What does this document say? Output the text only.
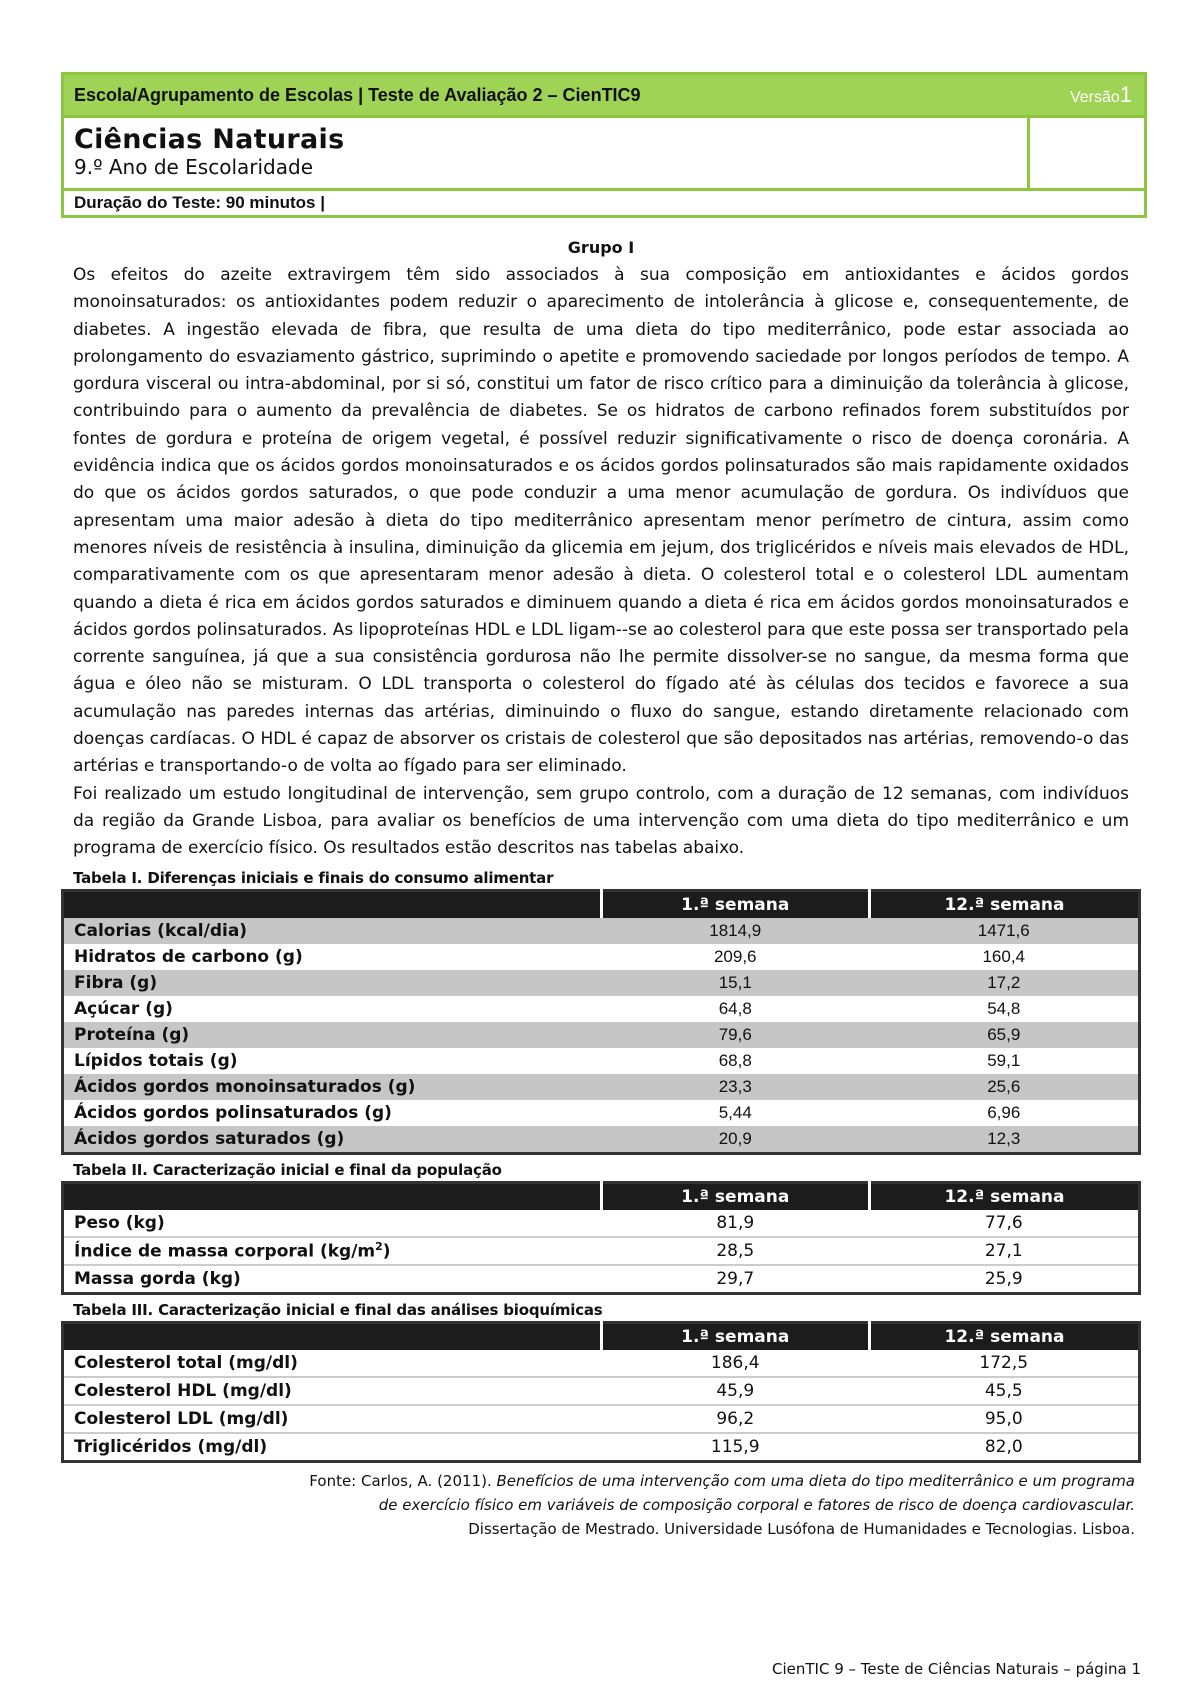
Escola/Agrupamento de Escolas | Teste de Avaliação 2 – CienTIC9	Versão1
Ciências Naturais
9.º Ano de Escolaridade
Duração do Teste: 90 minutos |
Grupo I

Os efeitos do azeite extravirgem têm sido associados à sua composição em antioxidantes e ácidos gordos monoinsaturados: os antioxidantes podem reduzir o aparecimento de intolerância à glicose e, consequentemente, de diabetes. A ingestão elevada de fibra, que resulta de uma dieta do tipo mediterrânico, pode estar associada ao prolongamento do esvaziamento gástrico, suprimindo o apetite e promovendo saciedade por longos períodos de tempo. A gordura visceral ou intra-abdominal, por si só, constitui um fator de risco crítico para a diminuição da tolerância à glicose, contribuindo para o aumento da prevalência de diabetes. Se os hidratos de carbono refinados forem substituídos por fontes de gordura e proteína de origem vegetal, é possível reduzir significativamente o risco de doença coronária. A evidência indica que os ácidos gordos monoinsaturados e os ácidos gordos polinsaturados são mais rapidamente oxidados do que os ácidos gordos saturados, o que pode conduzir a uma menor acumulação de gordura. Os indivíduos que apresentam uma maior adesão à dieta do tipo mediterrânico apresentam menor perímetro de cintura, assim como menores níveis de resistência à insulina, diminuição da glicemia em jejum, dos triglicéridos e níveis mais elevados de HDL, comparativamente com os que apresentaram menor adesão à dieta. O colesterol total e o colesterol LDL aumentam quando a dieta é rica em ácidos gordos saturados e diminuem quando a dieta é rica em ácidos gordos monoinsaturados e ácidos gordos polinsaturados. As lipoproteínas HDL e LDL ligam--se ao colesterol para que este possa ser transportado pela corrente sanguínea, já que a sua consistência gordurosa não lhe permite dissolver-se no sangue, da mesma forma que água e óleo não se misturam. O LDL transporta o colesterol do fígado até às células dos tecidos e favorece a sua acumulação nas paredes internas das artérias, diminuindo o fluxo do sangue, estando diretamente relacionado com doenças cardíacas. O HDL é capaz de absorver os cristais de colesterol que são depositados nas artérias, removendo-o das artérias e transportando-o de volta ao fígado para ser eliminado.

Foi realizado um estudo longitudinal de intervenção, sem grupo controlo, com a duração de 12 semanas, com indivíduos da região da Grande Lisboa, para avaliar os benefícios de uma intervenção com uma dieta do tipo mediterrânico e um programa de exercício físico. Os resultados estão descritos nas tabelas abaixo.

Tabela I. Diferenças iniciais e finais do consumo alimentar
	1.ª semana	12.ª semana
Calorias (kcal/dia)	1814,9	1471,6
Hidratos de carbono (g)	209,6	160,4
Fibra (g)	15,1	17,2
Açúcar (g)	64,8	54,8
Proteína (g)	79,6	65,9
Lípidos totais (g)	68,8	59,1
Ácidos gordos monoinsaturados (g)	23,3	25,6
Ácidos gordos polinsaturados (g)	5,44	6,96
Ácidos gordos saturados (g)	20,9	12,3
Tabela II. Caracterização inicial e final da população
	1.ª semana	12.ª semana
Peso (kg)	81,9	77,6
Índice de massa corporal $(kg/m^2)$	28,5	27,1
Massa gorda (kg)	29,7	25,9
Tabela III. Caracterização inicial e final das análises bioquímicas
	1.ª semana	12.ª semana
Colesterol total (mg/dl)	186,4	172,5
Colesterol HDL (mg/dl)	45,9	45,5
Colesterol LDL (mg/dl)	96,2	95,0
Triglicéridos (mg/dl)	115,9	82,0
Fonte: Carlos, A. (2011). Benefícios de uma intervenção com uma dieta do tipo mediterrânico e um programa
de exercício físico em variáveis de composição corporal e fatores de risco de doença cardiovascular.
Dissertação de Mestrado. Universidade Lusófona de Humanidades e Tecnologias. Lisboa.
CienTIC 9 – Teste de Ciências Naturais – página 1
